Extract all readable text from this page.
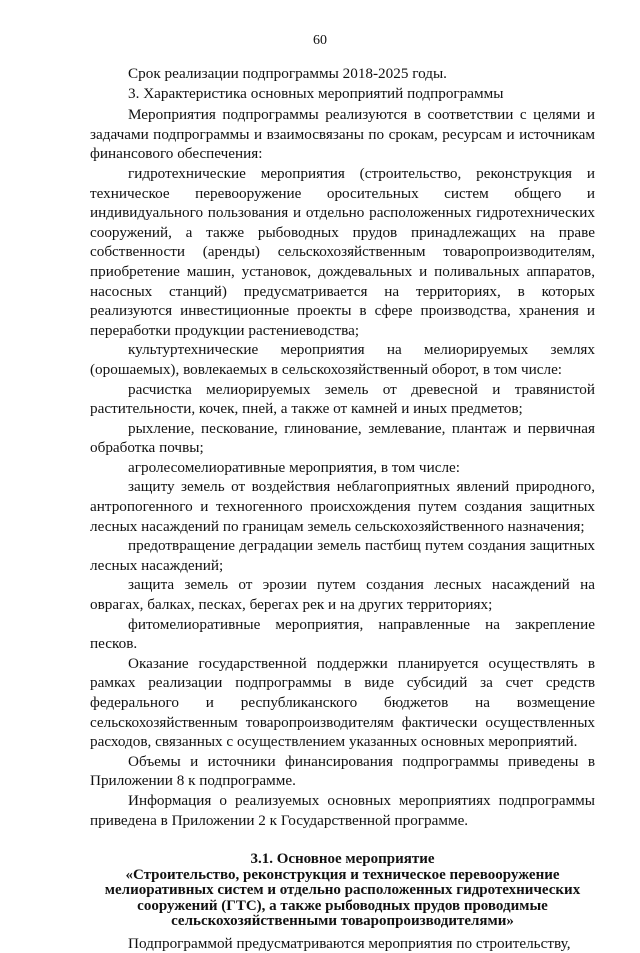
60

Срок реализации подпрограммы 2018-2025 годы.

3. Характеристика основных мероприятий подпрограммы

Мероприятия подпрограммы реализуются в соответствии с целями и задачами подпрограммы и взаимосвязаны по срокам, ресурсам и источникам финансового обеспечения:

гидротехнические мероприятия (строительство, реконструкция и техническое перевооружение оросительных систем общего и индивидуального пользования и отдельно расположенных гидротехнических сооружений, а также рыбоводных прудов принадлежащих на праве собственности (аренды) сельскохозяйственным товаропроизводителям, приобретение машин, установок, дождевальных и поливальных аппаратов, насосных станций) предусматривается на территориях, в которых реализуются инвестиционные проекты в сфере производства, хранения и переработки продукции растениеводства;

культуртехнические мероприятия на мелиорируемых землях (орошаемых), вовлекаемых в сельскохозяйственный оборот, в том числе:

расчистка мелиорируемых земель от древесной и травянистой растительности, кочек, пней, а также от камней и иных предметов;

рыхление, пескование, глинование, землевание, плантаж и первичная обработка почвы;

агролесомелиоративные мероприятия, в том числе:

защиту земель от воздействия неблагоприятных явлений природного, антропогенного и техногенного происхождения путем создания защитных лесных насаждений по границам земель сельскохозяйственного назначения;

предотвращение деградации земель пастбищ путем создания защитных лесных насаждений;

защита земель от эрозии путем создания лесных насаждений на оврагах, балках, песках, берегах рек и на других территориях;

фитомелиоративные мероприятия, направленные на закрепление песков.

Оказание государственной поддержки планируется осуществлять в рамках реализации подпрограммы в виде субсидий за счет средств федерального и республиканского бюджетов на возмещение сельскохозяйственным товаропроизводителям фактически осуществленных расходов, связанных с осуществлением указанных основных мероприятий.

Объемы и источники финансирования подпрограммы приведены в Приложении 8 к подпрограмме.

Информация о реализуемых основных мероприятиях подпрограммы приведена в Приложении 2 к Государственной программе.

3.1. Основное мероприятие
«Строительство, реконструкция и техническое перевооружение мелиоративных систем и отдельно расположенных гидротехнических сооружений (ГТС), а также рыбоводных прудов проводимые сельскохозяйственными товаропроизводителями»

Подпрограммой предусматриваются мероприятия по строительству,
